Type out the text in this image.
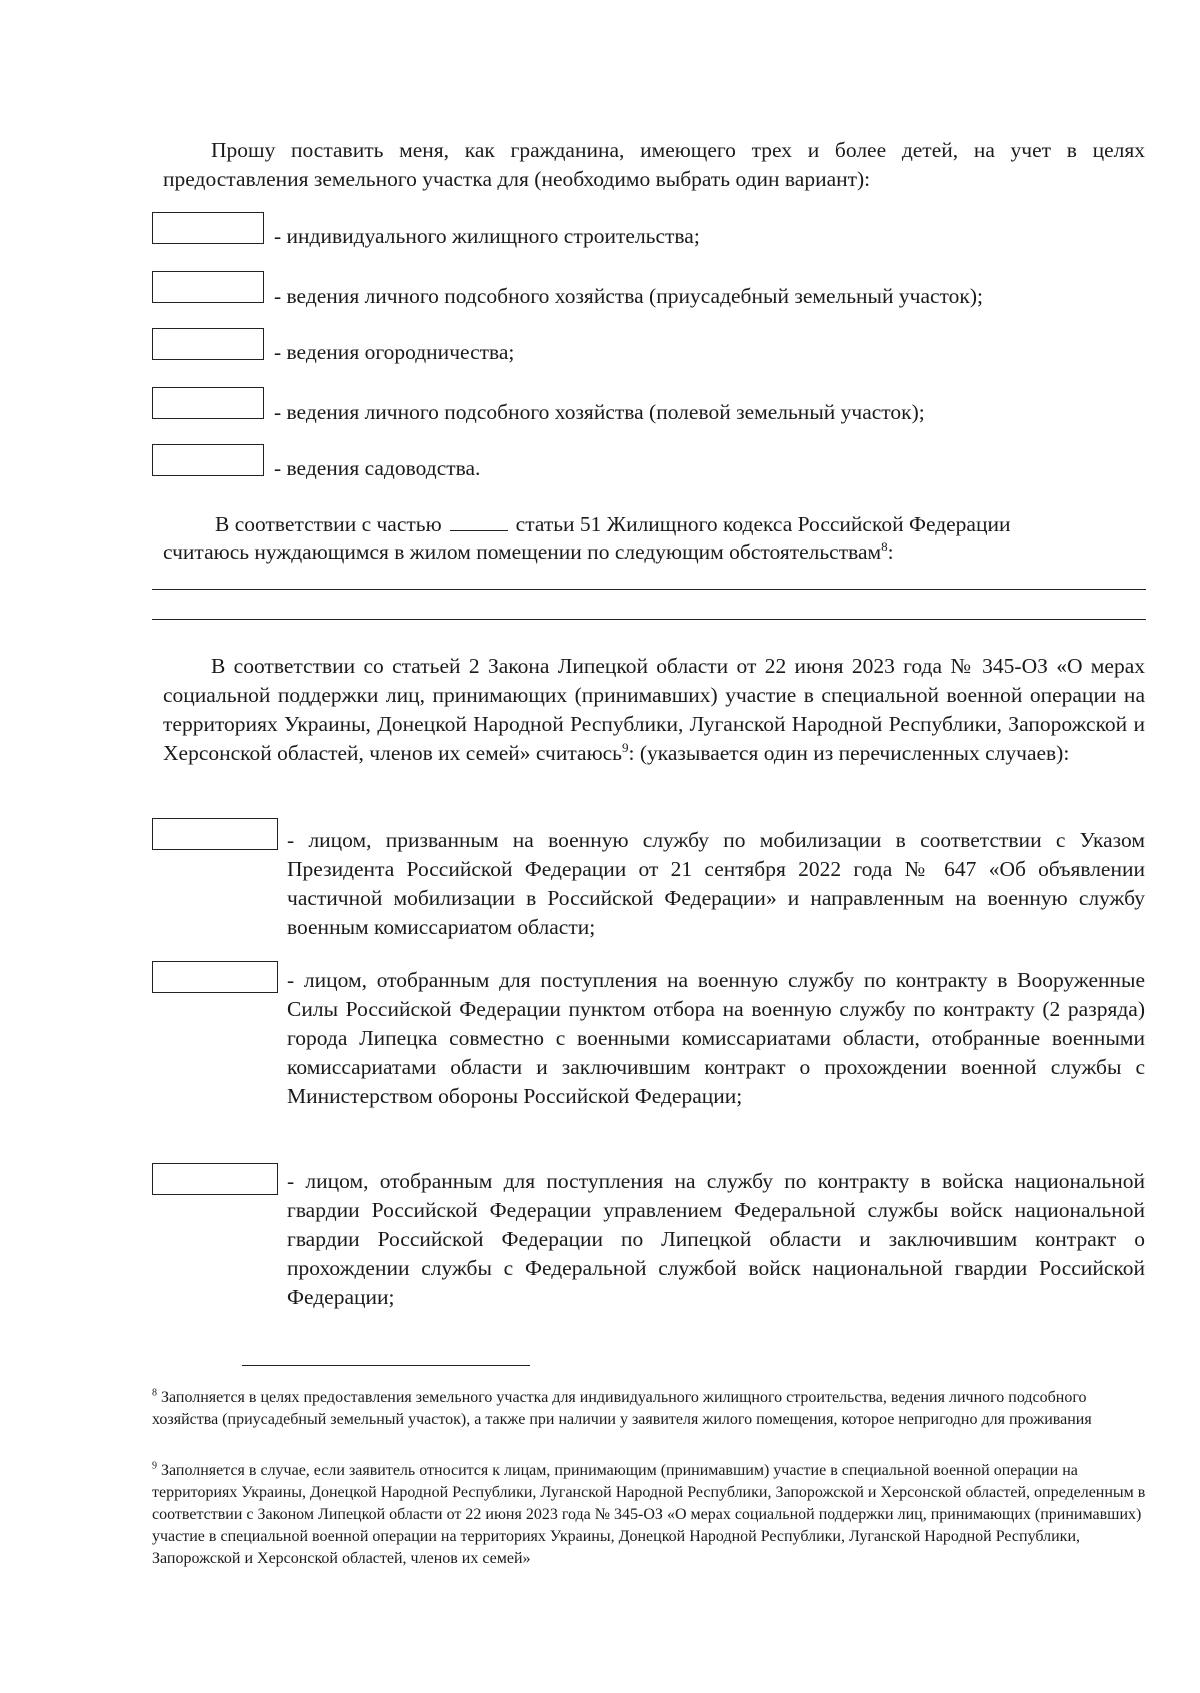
Прошу поставить меня, как гражданина, имеющего трех и более детей, на учет в целях предоставления земельного участка для (необходимо выбрать один вариант):

- индивидуального жилищного строительства;
- ведения личного подсобного хозяйства (приусадебный земельный участок);
- ведения огородничества;
- ведения личного подсобного хозяйства (полевой земельный участок);
- ведения садоводства.
В соответствии с частью	статьи 51 Жилищного кодекса Российской Федерации
считаюсь нуждающимся в жилом помещении по следующим обстоятельствам$^8$:

В соответствии со статьей 2 Закона Липецкой области от 22 июня 2023 года № 345-ОЗ «О мерах социальной поддержки лиц, принимающих (принимавших) участие в специальной военной операции на территориях Украины, Донецкой Народной Республики, Луганской Народной Республики, Запорожской и Херсонской областей, членов их семей» считаюсь$^9$: (указывается один из перечисленных случаев):

- лицом, призванным на военную службу по мобилизации в соответствии с Указом Президента Российской Федерации от 21 сентября 2022 года № 647 «Об объявлении частичной мобилизации в Российской Федерации» и направленным на военную службу военным комиссариатом области;

- лицом, отобранным для поступления на военную службу по контракту в Вооруженные Силы Российской Федерации пунктом отбора на военную службу по контракту (2 разряда) города Липецка совместно с военными комиссариатами области, отобранные военными комиссариатами области и заключившим контракт о прохождении военной службы с Министерством обороны Российской Федерации;

- лицом, отобранным для поступления на службу по контракту в войска национальной гвардии Российской Федерации управлением Федеральной службы войск национальной гвардии Российской Федерации по Липецкой области и заключившим контракт о прохождении службы с Федеральной службой войск национальной гвардии Российской Федерации;

$^8$ Заполняется в целях предоставления земельного участка для индивидуального жилищного строительства, ведения личного подсобного хозяйства (приусадебный земельный участок), а также при наличии у заявителя жилого помещения, которое непригодно для проживания

$^9$ Заполняется в случае, если заявитель относится к лицам, принимающим (принимавшим) участие в специальной военной операции на территориях Украины, Донецкой Народной Республики, Луганской Народной Республики, Запорожской и Херсонской областей, определенным в соответствии с Законом Липецкой области от 22 июня 2023 года № 345-ОЗ «О мерах социальной поддержки лиц, принимающих (принимавших) участие в специальной военной операции на территориях Украины, Донецкой Народной Республики, Луганской Народной Республики, Запорожской и Херсонской областей, членов их семей»
